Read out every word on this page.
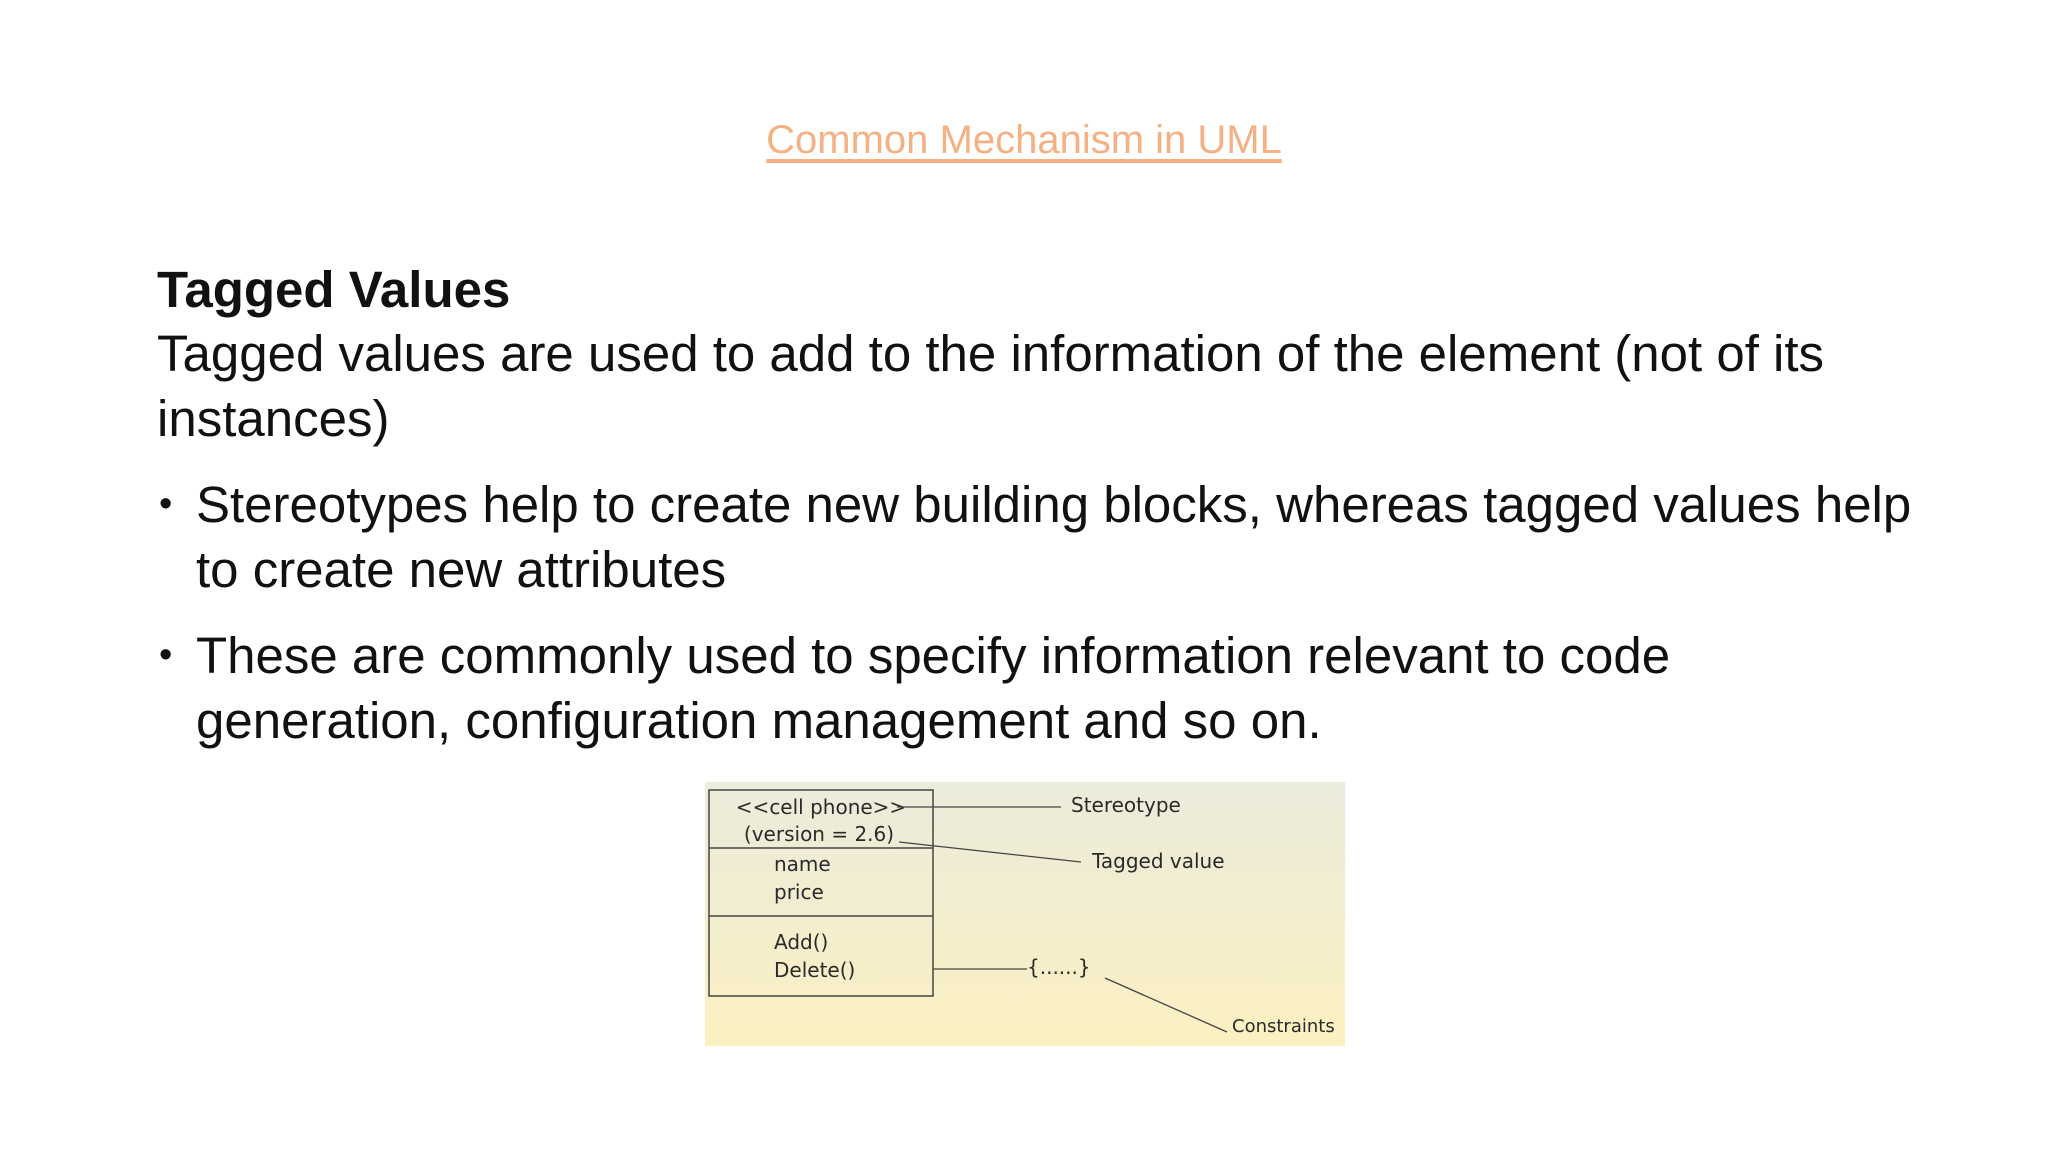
Common Mechanism in UML

Tagged Values

Tagged values are used to add to the information of the element (not of its instances)

• Stereotypes help to create new building blocks, whereas tagged values help to create new attributes
• These are commonly used to specify information relevant to code generation, configuration management and so on.
<<cell phone>>
(version = 2.6)
name
price
Add()
Delete()	{......}
Stereotype
Tagged value
Constraints
